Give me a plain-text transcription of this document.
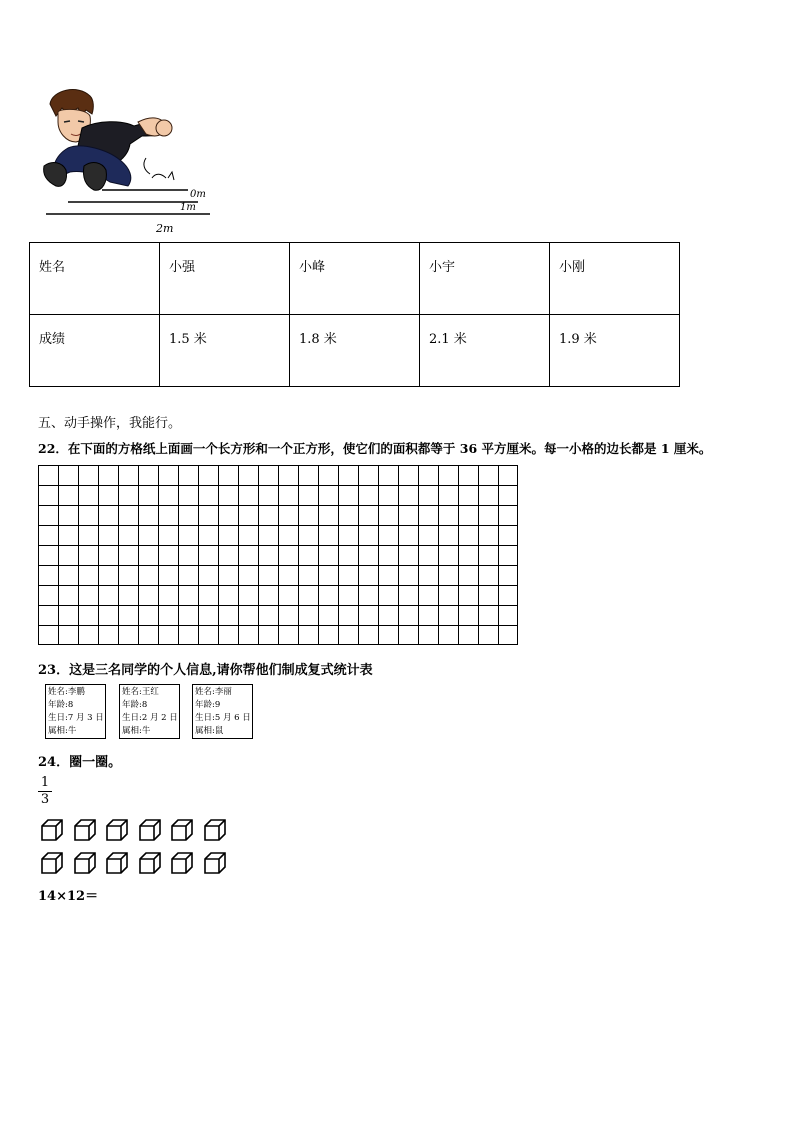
0m
1m
2m
姓名	小强	小峰	小宇	小刚
成绩	1.5 米	1.8 米	2.1 米	1.9 米
五、动手操作，我能行。
22．在下面的方格纸上面画一个长方形和一个正方形，使它们的面积都等于 36 平方厘米。每一小格的边长都是 1 厘米。
23．这是三名同学的个人信息,请你帮他们制成复式统计表
姓名:李鹏
年龄:8
生日:7 月 3 日
属相:牛
姓名:王红
年龄:8
生日:2 月 2 日
属相:牛
姓名:李丽
年龄:9
生日:5 月 6 日
属相:鼠
24．圈一圈。
$\frac{1}{3}$
14×12＝
